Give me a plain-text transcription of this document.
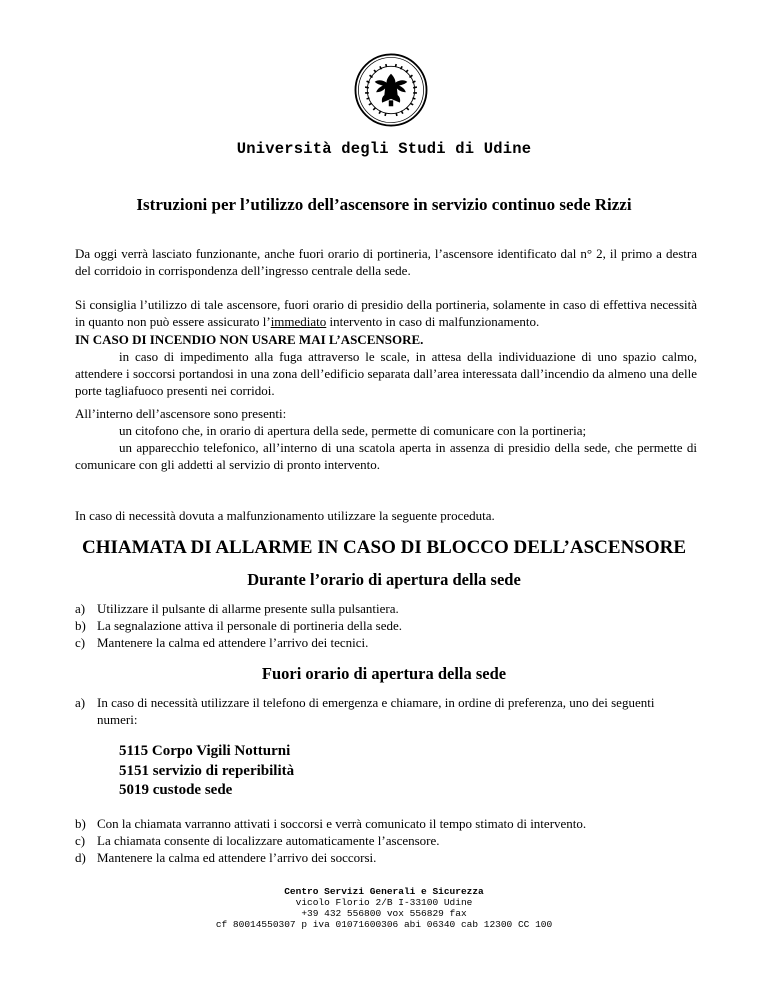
Università degli Studi di Udine
Istruzioni per l’utilizzo dell’ascensore in servizio continuo sede Rizzi
Da oggi verrà lasciato funzionante, anche fuori orario di portineria, l’ascensore identificato dal n° 2, il primo a destra del corridoio in corrispondenza dell’ingresso centrale della sede.
Si consiglia l’utilizzo di tale ascensore, fuori orario di presidio della portineria, solamente in caso di effettiva necessità in quanto non può essere assicurato l’immediato intervento in caso di malfunzionamento.
IN CASO DI INCENDIO NON USARE MAI L’ASCENSORE.
in caso di impedimento alla fuga attraverso le scale, in attesa della individuazione di uno spazio calmo, attendere i soccorsi portandosi in una zona dell’edificio separata dall’area interessata dall’incendio da almeno una delle porte tagliafuoco presenti nei corridoi.
All’interno dell’ascensore sono presenti:
un citofono che, in orario di apertura della sede, permette di comunicare con la portineria;
un apparecchio telefonico, all’interno di una scatola aperta in assenza di presidio della sede, che permette di comunicare con gli addetti al servizio di pronto intervento.
In caso di necessità dovuta a malfunzionamento utilizzare la seguente proceduta.
CHIAMATA DI ALLARME IN CASO DI BLOCCO DELL’ASCENSORE
Durante l’orario di apertura della sede
a) Utilizzare il pulsante di allarme presente sulla pulsantiera.
b) La segnalazione attiva il personale di portineria della sede.
c) Mantenere la calma ed attendere l’arrivo dei tecnici.
Fuori orario di apertura della sede
a) In caso di necessità utilizzare il telefono di emergenza e chiamare, in ordine di preferenza, uno dei seguenti numeri:
5115 Corpo Vigili Notturni
5151 servizio di reperibilità
5019 custode sede
b) Con la chiamata varranno attivati i soccorsi e verrà comunicato il tempo stimato di intervento.
c) La chiamata consente di localizzare automaticamente l’ascensore.
d) Mantenere la calma ed attendere l’arrivo dei soccorsi.
Centro Servizi Generali e Sicurezza
vicolo Florio 2/B I-33100 Udine
+39 432 556800 vox 556829 fax
cf 80014550307 p iva 01071600306 abi 06340 cab 12300 CC 100
